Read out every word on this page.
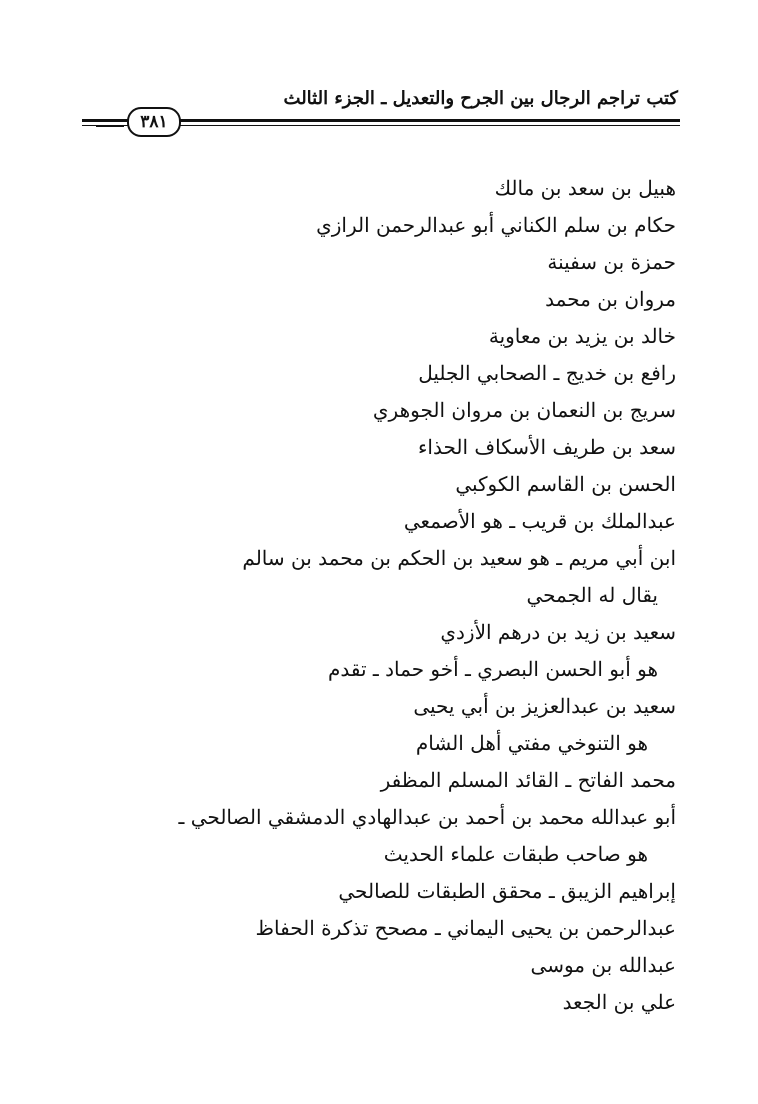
كتب تراجم الرجال بين الجرح والتعديل ـ الجزء الثالث
٣٨١
هبيل بن سعد بن مالك
حكام بن سلم الكناني أبو عبدالرحمن الرازي
حمزة بن سفينة
مروان بن محمد
خالد بن يزيد بن معاوية
رافع بن خديج ـ الصحابي الجليل
سريج بن النعمان بن مروان الجوهري
سعد بن طريف الأسكاف الحذاء
الحسن بن القاسم الكوكبي
عبدالملك بن قريب ـ هو الأصمعي
ابن أبي مريم ـ هو سعيد بن الحكم بن محمد بن سالم
يقال له الجمحي
سعيد بن زيد بن درهم الأزدي
هو أبو الحسن البصري ـ أخو حماد ـ تقدم
سعيد بن عبدالعزيز بن أبي يحيى
هو التنوخي مفتي أهل الشام
محمد الفاتح ـ القائد المسلم المظفر
أبو عبدالله محمد بن أحمد بن عبدالهادي الدمشقي الصالحي ـ
هو صاحب طبقات علماء الحديث
إبراهيم الزيبق ـ محقق الطبقات للصالحي
عبدالرحمن بن يحيى اليماني ـ مصحح تذكرة الحفاظ
عبدالله بن موسى
علي بن الجعد
